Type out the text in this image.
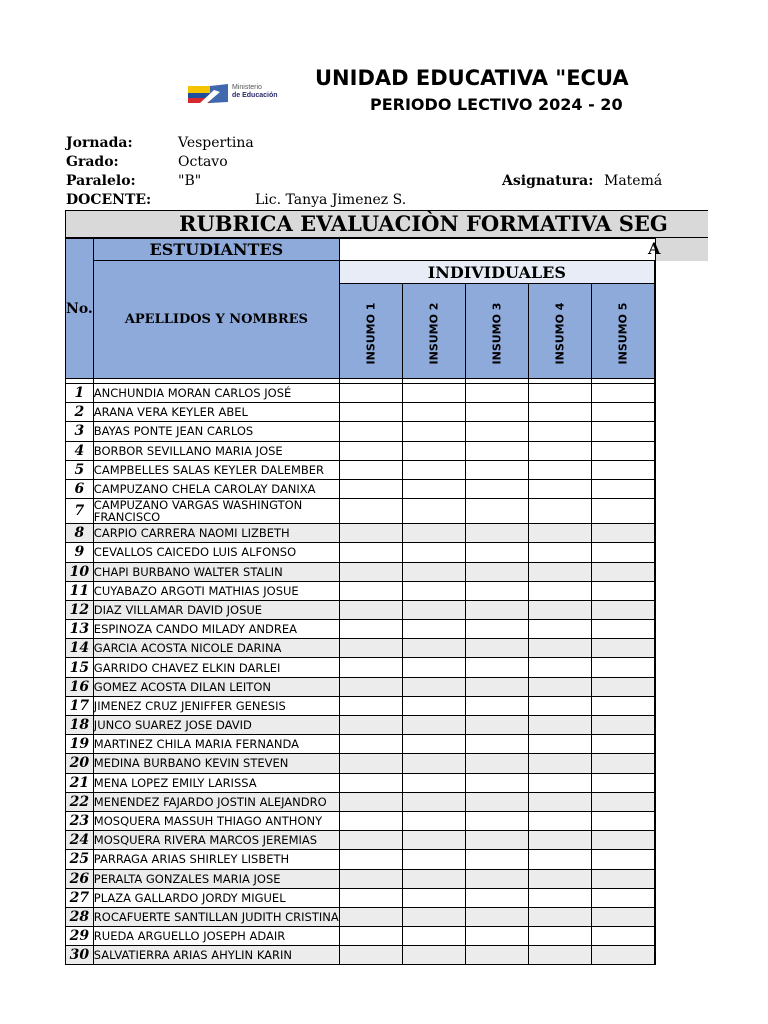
Ministerio
de Educación
UNIDAD EDUCATIVA "ECUA
PERIODO LECTIVO 2024 - 20
Jornada:	Vespertina
Grado:	Octavo
Paralelo:	"B"	Asignatura: Matemá
DOCENTE:	Lic. Tanya Jimenez S.
RUBRICA EVALUACIÒN FORMATIVA SEG
A
No.	ESTUDIANTES						
	APELLIDOS Y NOMBRES	INDIVIDUALES					
		INSUMO 1	INSUMO 2	INSUMO 3	INSUMO 4	INSUMO 5	

1	ANCHUNDIA MORAN CARLOS JOSÉ						
2	ARANA VERA KEYLER ABEL						
3	BAYAS PONTE JEAN CARLOS						
4	BORBOR SEVILLANO MARIA JOSE						
5	CAMPBELLES SALAS KEYLER DALEMBER						
6	CAMPUZANO CHELA CAROLAY DANIXA						
7	CAMPUZANO VARGAS WASHINGTON FRANCISCO						
8	CARPIO CARRERA NAOMI LIZBETH						
9	CEVALLOS CAICEDO LUIS ALFONSO						
10	CHAPI BURBANO WALTER STALIN						
11	CUYABAZO ARGOTI MATHIAS JOSUE						
12	DIAZ VILLAMAR DAVID JOSUE						
13	ESPINOZA CANDO MILADY ANDREA						
14	GARCIA ACOSTA NICOLE DARINA						
15	GARRIDO CHAVEZ ELKIN DARLEI						
16	GOMEZ ACOSTA DILAN LEITON						
17	JIMENEZ CRUZ JENIFFER GENESIS						
18	JUNCO SUAREZ JOSE DAVID						
19	MARTINEZ CHILA MARIA FERNANDA						
20	MEDINA BURBANO KEVIN STEVEN						
21	MENA LOPEZ EMILY LARISSA						
22	MENENDEZ FAJARDO JOSTIN ALEJANDRO						
23	MOSQUERA MASSUH THIAGO ANTHONY						
24	MOSQUERA RIVERA MARCOS JEREMIAS						
25	PARRAGA ARIAS SHIRLEY LISBETH						
26	PERALTA GONZALES MARIA JOSE						
27	PLAZA GALLARDO JORDY MIGUEL						
28	ROCAFUERTE SANTILLAN JUDITH CRISTINA						
29	RUEDA ARGUELLO JOSEPH ADAIR						
30	SALVATIERRA ARIAS AHYLIN KARIN						
